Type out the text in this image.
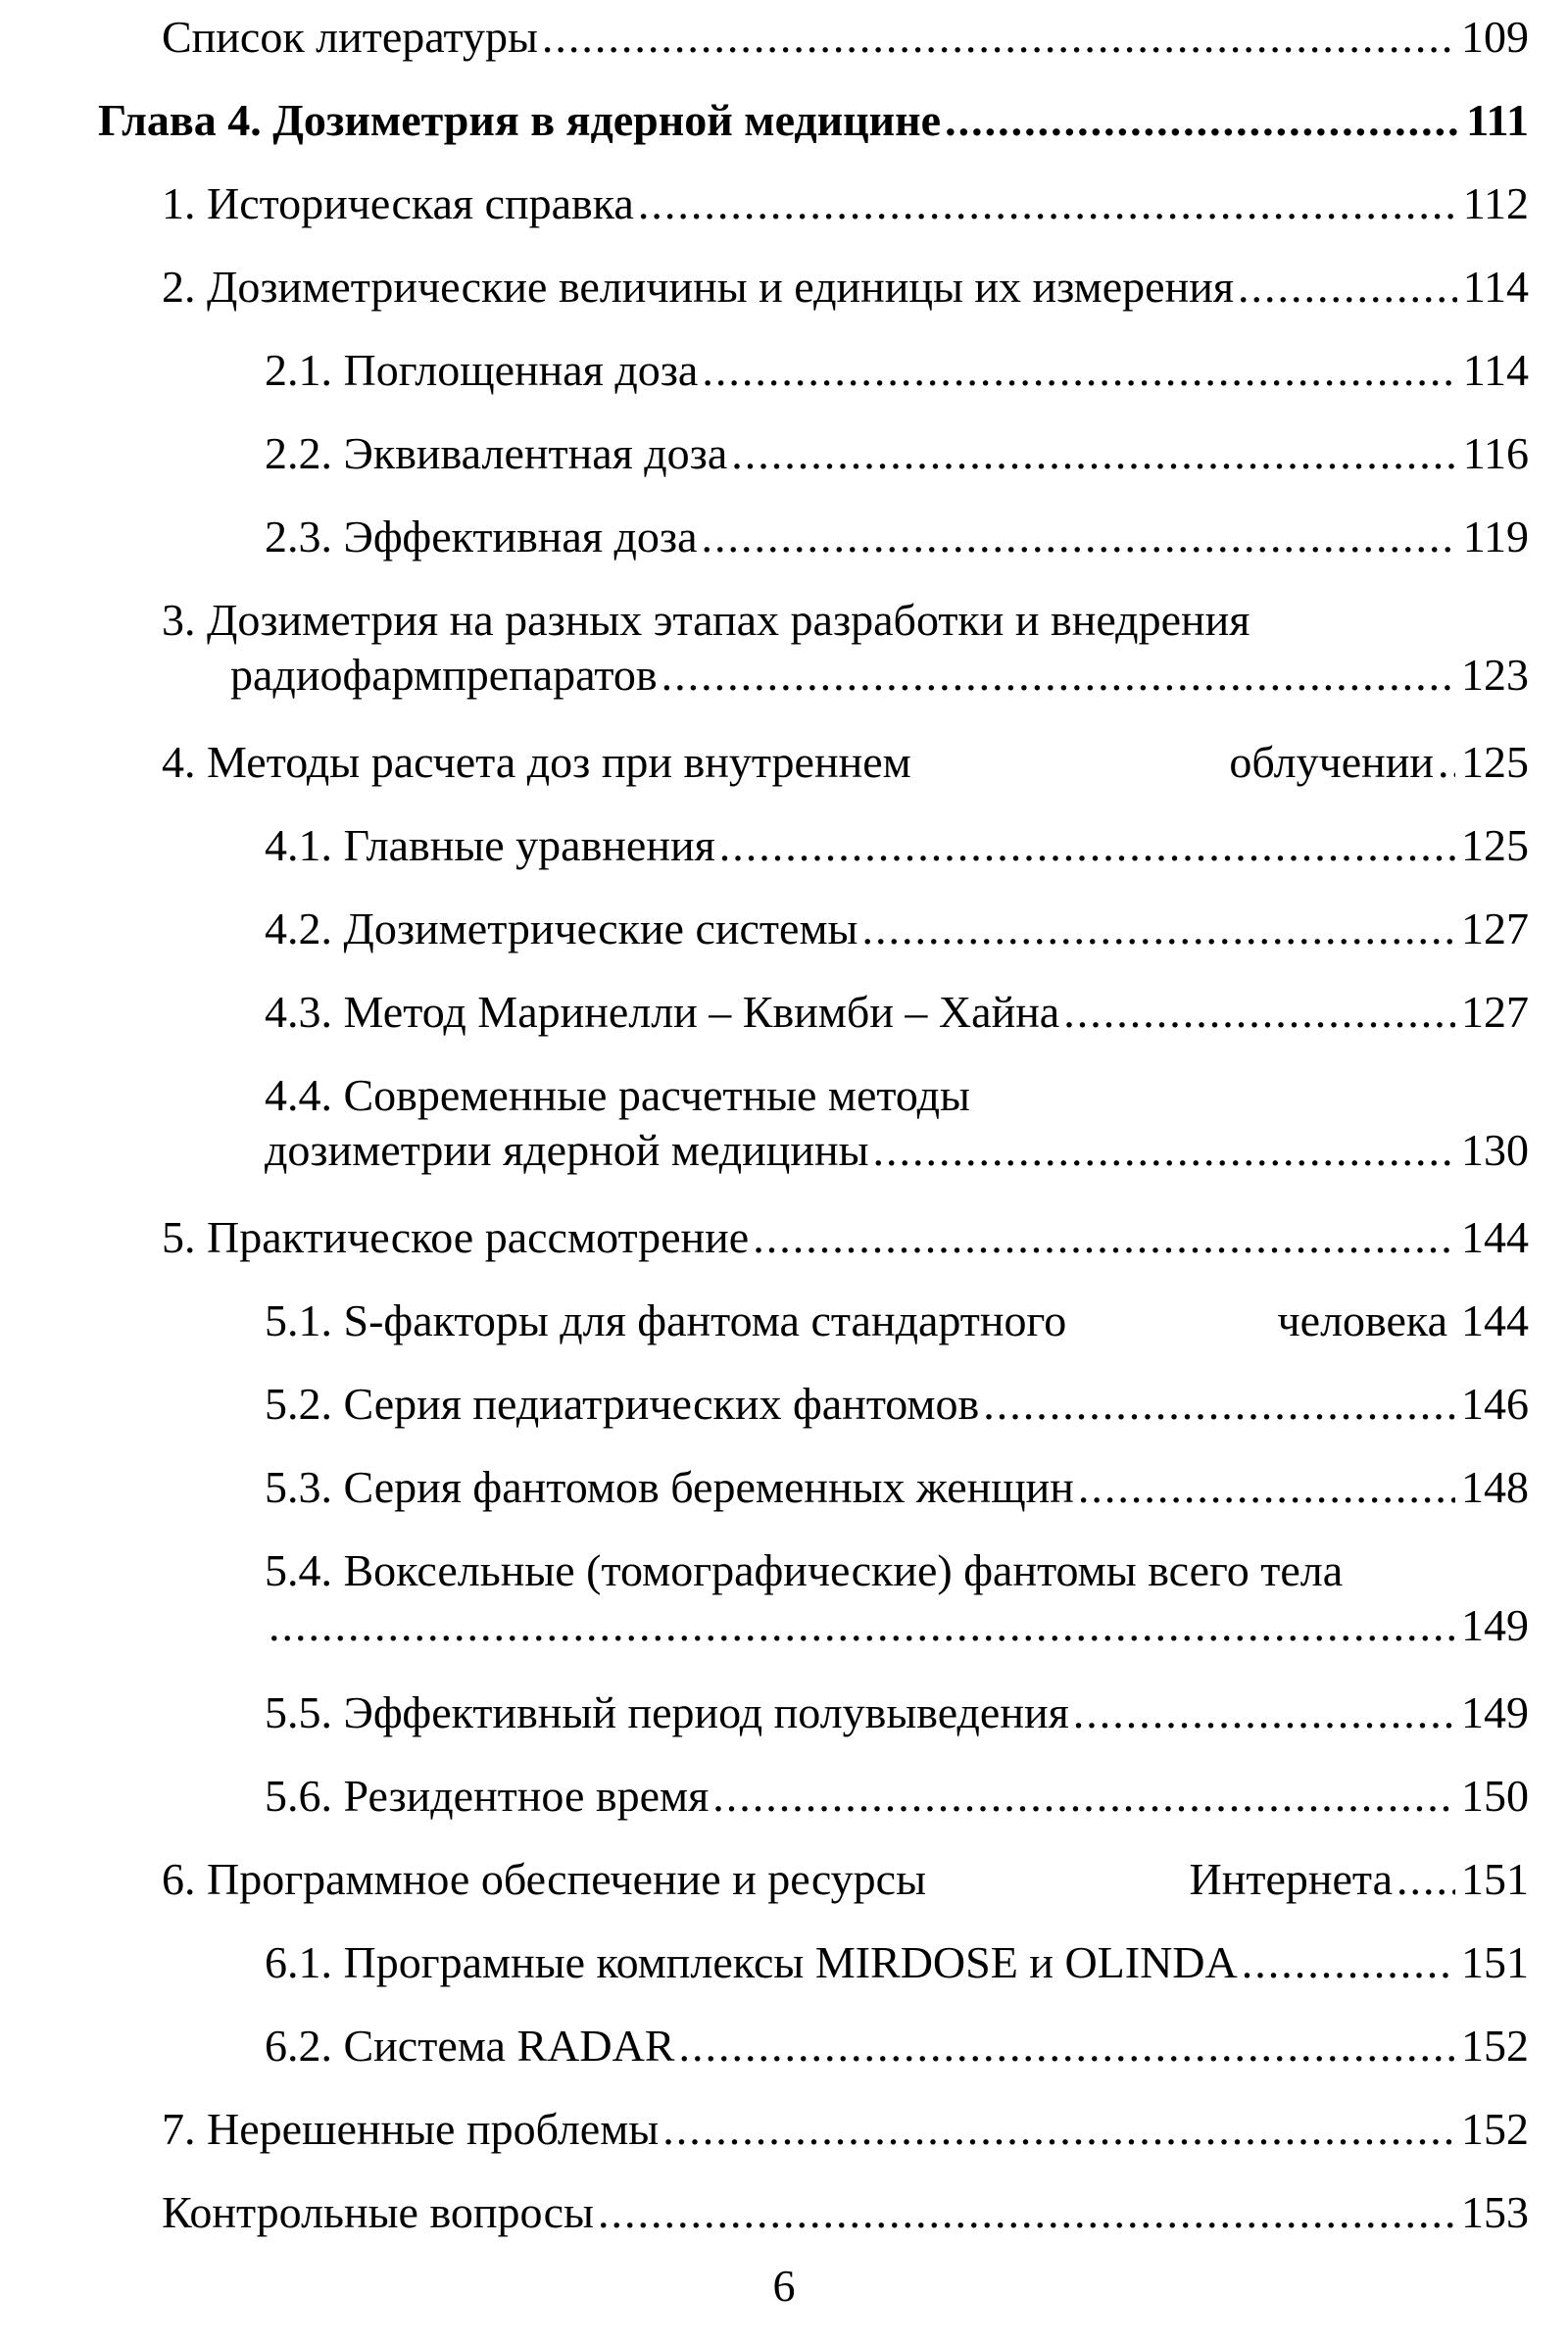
Список литературы .....	109
Глава 4. Дозиметрия в ядерной медицине .....	111
1. Историческая справка .....	112
2. Дозиметрические величины и единицы их измерения .....	114
2.1. Поглощенная доза .....	114
2.2. Эквивалентная доза .....	116
2.3. Эффективная доза .....	119
3. Дозиметрия на разных этапах разработки и внедрения
радиофармпрепаратов .....	123
4. Методы расчета доз при внутреннем	облучении ..... 125
4.1. Главные уравнения .....	125
4.2. Дозиметрические системы .....	127
4.3. Метод Маринелли – Квимби – Хайна .....	127
4.4. Современные расчетные методы
дозиметрии ядерной медицины .....	130
5. Практическое рассмотрение .....	144
5.1. S-факторы для фантома стандартного	человека 144
5.2. Серия педиатрических фантомов .....	146
5.3. Серия фантомов беременных женщин .....	148
5.4. Воксельные (томографические) фантомы всего тела
.....
149
5.5. Эффективный период полувыведения .....	149
5.6. Резидентное время .....	150
6. Программное обеспечение и ресурсы	Интернета ..... 151
6.1. Програмные комплексы MIRDOSE и OLINDA .....	151
6.2. Система RADAR .....	152
7. Нерешенные проблемы .....	152
Контрольные вопросы .....	153
6
